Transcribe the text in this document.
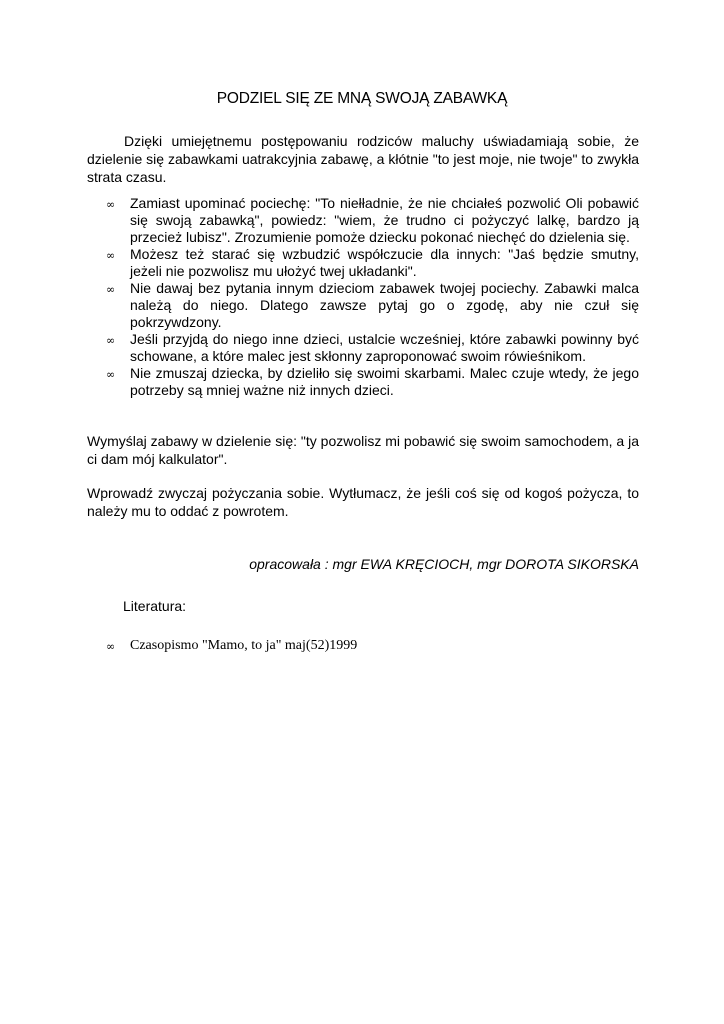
PODZIEL SIĘ ZE MNĄ SWOJĄ ZABAWKĄ

Dzięki umiejętnemu postępowaniu rodziców maluchy uświadamiają sobie, że dzielenie się zabawkami uatrakcyjnia zabawę, a kłótnie "to jest moje, nie twoje" to zwykła strata czasu.

∞ Zamiast upominać pociechę: "To niełładnie, że nie chciałeś pozwolić Oli pobawić się swoją zabawką", powiedz: "wiem, że trudno ci pożyczyć lalkę, bardzo ją przecież lubisz". Zrozumienie pomoże dziecku pokonać niechęć do dzielenia się.
∞ Możesz też starać się wzbudzić współczucie dla innych: "Jaś będzie smutny, jeżeli nie pozwolisz mu ułożyć twej układanki".
∞ Nie dawaj bez pytania innym dzieciom zabawek twojej pociechy. Zabawki malca należą do niego. Dlatego zawsze pytaj go o zgodę, aby nie czuł się pokrzywdzony.
∞ Jeśli przyjdą do niego inne dzieci, ustalcie wcześniej, które zabawki powinny być schowane, a które malec jest skłonny zaproponować swoim rówieśnikom.
∞ Nie zmuszaj dziecka, by dzieliło się swoimi skarbami. Malec czuje wtedy, że jego potrzeby są mniej ważne niż innych dzieci.

Wymyślaj zabawy w dzielenie się: "ty pozwolisz mi pobawić się swoim samochodem, a ja ci dam mój kalkulator".

Wprowadź zwyczaj pożyczania sobie. Wytłumacz, że jeśli coś się od kogoś pożycza, to należy mu to oddać z powrotem.

opracowała : mgr EWA KRĘCIOCH, mgr DOROTA SIKORSKA

Literatura:

∞ Czasopismo "Mamo, to ja" maj(52)1999
